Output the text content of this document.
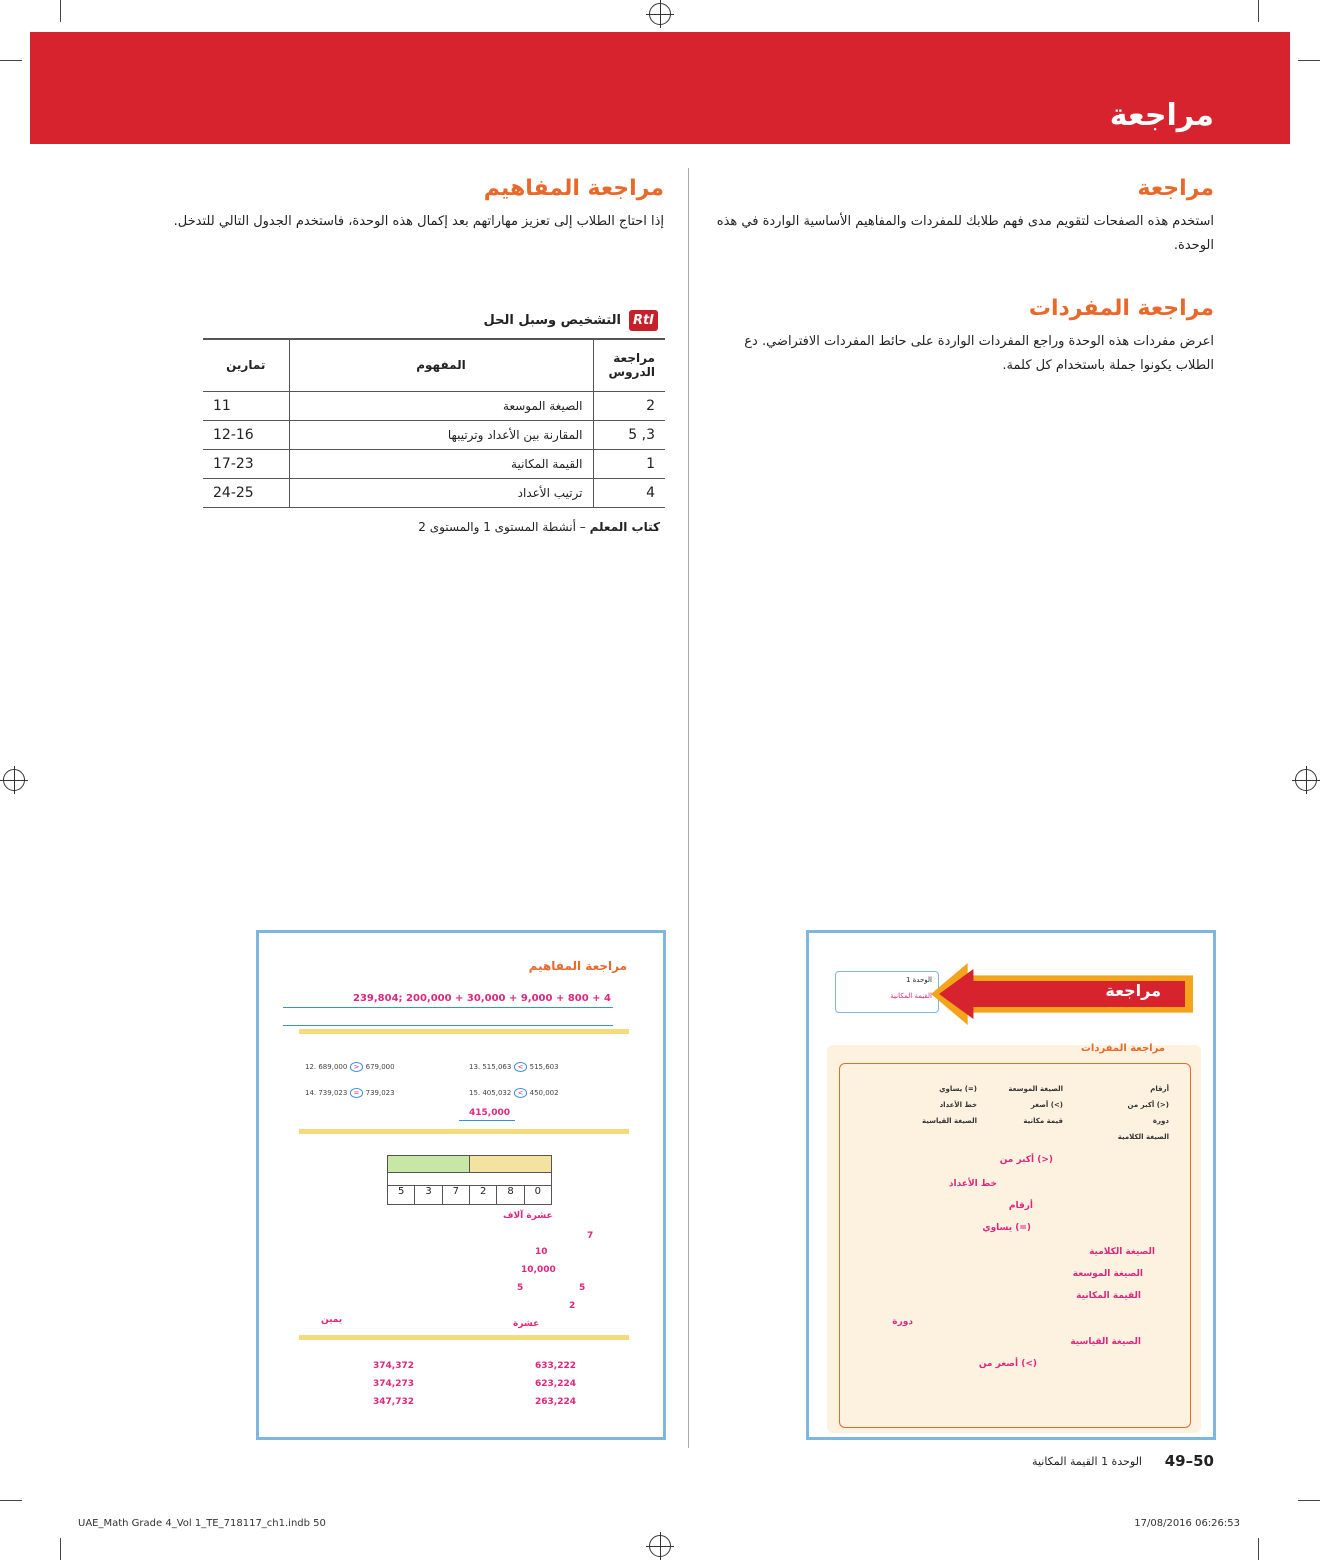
مراجعة
مراجعة
استخدم هذه الصفحات لتقويم مدى فهم طلابك للمفردات والمفاهيم الأساسية الواردة في هذه الوحدة.
مراجعة المفردات
اعرض مفردات هذه الوحدة وراجع المفردات الواردة على حائط المفردات الافتراضي. دع الطلاب يكونوا جملة باستخدام كل كلمة.
مراجعة المفاهيم
إذا احتاج الطلاب إلى تعزيز مهاراتهم بعد إكمال هذه الوحدة، فاستخدم الجدول التالي للتدخل.
RtI
التشخيص وسبل الحل
مراجعة الدروس	المفهوم	تمارين
2	الصيغة الموسعة	11
3, 5	المقارنة بين الأعداد وترتيبها	12-16
1	القيمة المكانية	17-23
4	ترتيب الأعداد	24-25
كتاب المعلم – أنشطة المستوى 1 والمستوى 2
مراجعة المفاهيم
239,804; 200,000 + 30,000 + 9,000 + 800 + 4
12. 689,000 > 679,000	13. 515,063 < 515,603
14. 739,023 = 739,023	15. 405,032 < 450,002
415,000
0
8
2
7
3
5
عشرة آلاف
7
10
10,000
5	5
2
عشرة
يمين
374,372
374,273
347,732
633,222
623,224
263,224
الوحدة 1
القيمة المكانية	مراجعة
مراجعة المفردات
أرقام
الصيغة الموسعة
يساوي (=)
أكبر من (>)
أصغر (<)
خط الأعداد
دورة
قيمة مكانية
الصيغة القياسية
الصيغة الكلامية
أكبر من (>)
خط الأعداد
أرقام
يساوي (=)
الصيغة الكلامية
الصيغة الموسعة
القيمة المكانية
دورة
الصيغة القياسية
أصغر من (<)
49–50
الوحدة 1 القيمة المكانية
UAE_Math Grade 4_Vol 1_TE_718117_ch1.indb 50	17/08/2016 06:26:53
